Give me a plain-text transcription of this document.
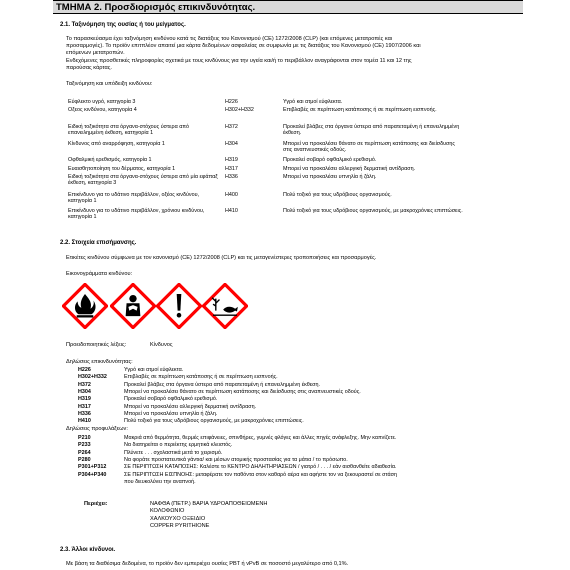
ΤΜΗΜΑ 2. Προσδιορισμός επικινδυνότητας.
2.1. Ταξινόμηση της ουσίας ή του μείγματος.
Το παρασκεύασμα έχει ταξινόμηση κινδύνου κατά τις διατάξεις του Κανονισμού (CE) 1272/2008 (CLP) (και επόμενες μετατροπές και
προσαρμογές). Το προϊόν επιτπλέον απαιτεί μια κάρτα δεδομένων ασφαλείας σε συμφωνία με τις διατάξεις του Κανονισμού (CE) 1907/2006 και
επόμενων μετατροπών.
Ενδεχόμενες προσθετικές πληροφορίες σχετικά με τους κινδύνους για την υγεία και/ή το περιβάλλον αναγράφονται στον τομέα 11 και 12 της
παρούσας κάρτας.
Ταξινόμηση και υπόδειξη κινδύνου:
Εύφλεκτο υγρό, κατηγορία 3	H226	Υγρό και ατμοί εύφλεκτα.
Οξεος κινδύνου, κατηγορία 4	H302+H332	Επιβλαβές σε περίπτωση κατάποσης ή σε περίπτωση εισπνοής.
Ειδική τοξικότητα στα όργανα-στόχους ύστερα από επανειλημμένη έκθεση, κατηγορία 1
H372	Προκαλεί βλάβες στα όργανα ύστερα από παρατεταμένη ή επανειλημμένη έκθεση.
Κίνδυνος από αναρρόφηση, κατηγορία 1	H304	Μπορεί να προκαλέσει θάνατο σε περίπτωση κατάποσης και διείσδυσης στις αναπνευστικές οδούς.
Οφθαλμική ερεθισμός, κατηγορία 1	H319	Προκαλεί σοβαρό οφθαλμικό ερεθισμό.
Ευαισθητοποίηση του δέρματος, κατηγορία 1	H317	Μπορεί να προκαλέσει αλλεργική δερματική αντίδραση.
Ειδική τοξικότητα στα όργανα-στόχους ύστερα από μία εφάπαξ έκθεση, κατηγορία 3
H336	Μπορεί να προκαλέσει υπνηλία ή ζάλη.
Επικίνδυνο για το υδάτινο περιβάλλον, οξέος κινδύνου, κατηγορία 1
H400	Πολύ τοξικό για τους υδρόβιους οργανισμούς.
Επικίνδυνο για το υδάτινο περιβάλλον, χρόνιου κινδύνου, κατηγορία 1
H410	Πολύ τοξικό για τους υδρόβιους οργανισμούς, με μακροχρόνιες επιπτώσεις.
2.2. Στοιχεία επισήμανσης.
Ετικέτες κινδύνου σύμφωνα με τον κανονισμό (CE) 1272/2008 (CLP) και τις μεταγενέστερες τροποποιήσεις και προσαρμογές.
Εικονογράμματα κινδύνου:
Προειδοποιητικές λέξεις:	Κίνδυνος
Δηλώσεις επικινδυνότητας:
H226	Υγρό και ατμοί εύφλεκτα.
H302+H332	Επιβλαβές σε περίπτωση κατάποσης ή σε περίπτωση εισπνοής.
H372	Προκαλεί βλάβες στα όργανα ύστερα από παρατεταμένη ή επανειλημμένη έκθεση.
H304	Μπορεί να προκαλέσει θάνατο σε περίπτωση κατάποσης και διείσδυσης στις αναπνευστικές οδούς.
H319	Προκαλεί σοβαρό οφθαλμικό ερεθισμό.
H317	Μπορεί να προκαλέσει αλλεργική δερματική αντίδραση.
H336	Μπορεί να προκαλέσει υπνηλία ή ζάλη.
H410	Πολύ τοξικό για τους υδρόβιους οργανισμούς, με μακροχρόνιες επιπτώσεις.
Δηλώσεις προφυλάξεων:
P210	Μακριά από θερμότητα, θερμές επιφάνειες, σπινθήρες, γυμνές φλόγες και άλλες πηγές ανάφλεξης. Μην καπνίζετε.
P233	Να διατηρείται ο περιέκτης ερμητικά κλειστός.
P264	Πλύνετε . . . σχολαστικά μετά το χειρισμό.
P280	Να φοράτε προστατευτικά γάντια/ και μέσων ατομικής προστασίας για τα μάτια / το πρόσωπο.
P301+P312	ΣΕ ΠΕΡΙΠΤΩΣΗ ΚΑΤΑΠΟΣΗΣ: Καλέστε το ΚΕΝΤΡΟ ΔΗΛΗΤΗΡΙΑΣΕΩΝ / γιατρό / . . . / εάν αισθανθείτε αδιαθεσία.
P304+P340	ΣΕ ΠΕΡΙΠΤΩΣΗ ΕΙΣΠΝΟΗΣ: μεταφέρατε τον παθόντα στον καθαρό αέρα και αφήστε τον να ξεκουραστεί σε στάση
που διευκολύνει την αναπνοή.
Περιέχει:	ΝΑΦΘΑ (ΠΕΤΡ.) ΒΑΡΙΑ ΥΔΡΟΑΠΟΘΕΙΩΜΕΝΗ
ΚΟΛΟΦΩΝΙΟ
ΧΑΛΚΟΥΧΟ ΟΞΕΙΔΙΟ
COPPER PYRITHIONE
2.3. Άλλοι κίνδυνοι.
Με βάση τα διαθέσιμα δεδομένα, το προϊόν δεν εμπεριέχει ουσίες PBT ή vPvB σε ποσοστό μεγαλύτερο από 0,1%.
